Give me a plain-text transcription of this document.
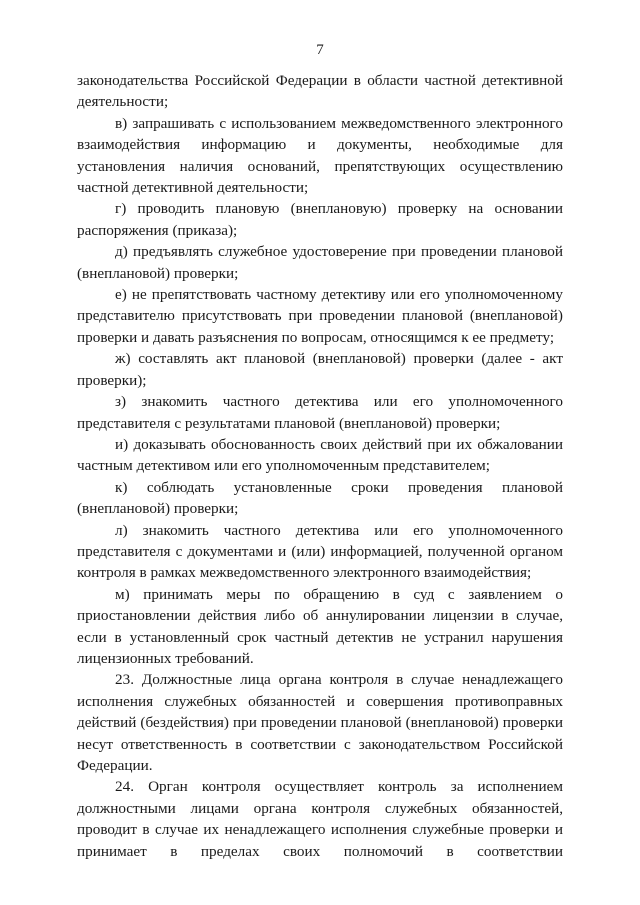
7

законодательства Российской Федерации в области частной детективной деятельности;

в) запрашивать с использованием межведомственного электронного взаимодействия информацию и документы, необходимые для установления наличия оснований, препятствующих осуществлению частной детективной деятельности;

г) проводить плановую (внеплановую) проверку на основании распоряжения (приказа);

д) предъявлять служебное удостоверение при проведении плановой (внеплановой) проверки;

е) не препятствовать частному детективу или его уполномоченному представителю присутствовать при проведении плановой (внеплановой) проверки и давать разъяснения по вопросам, относящимся к ее предмету;

ж) составлять акт плановой (внеплановой) проверки (далее - акт проверки);

з) знакомить частного детектива или его уполномоченного представителя с результатами плановой (внеплановой) проверки;

и) доказывать обоснованность своих действий при их обжаловании частным детективом или его уполномоченным представителем;

к) соблюдать установленные сроки проведения плановой (внеплановой) проверки;

л) знакомить частного детектива или его уполномоченного представителя с документами и (или) информацией, полученной органом контроля в рамках межведомственного электронного взаимодействия;

м) принимать меры по обращению в суд с заявлением о приостановлении действия либо об аннулировании лицензии в случае, если в установленный срок частный детектив не устранил нарушения лицензионных требований.

23. Должностные лица органа контроля в случае ненадлежащего исполнения служебных обязанностей и совершения противоправных действий (бездействия) при проведении плановой (внеплановой) проверки несут ответственность в соответствии с законодательством Российской Федерации.

24. Орган контроля осуществляет контроль за исполнением должностными лицами органа контроля служебных обязанностей, проводит в случае их ненадлежащего исполнения служебные проверки и принимает в пределах своих полномочий в соответствии
